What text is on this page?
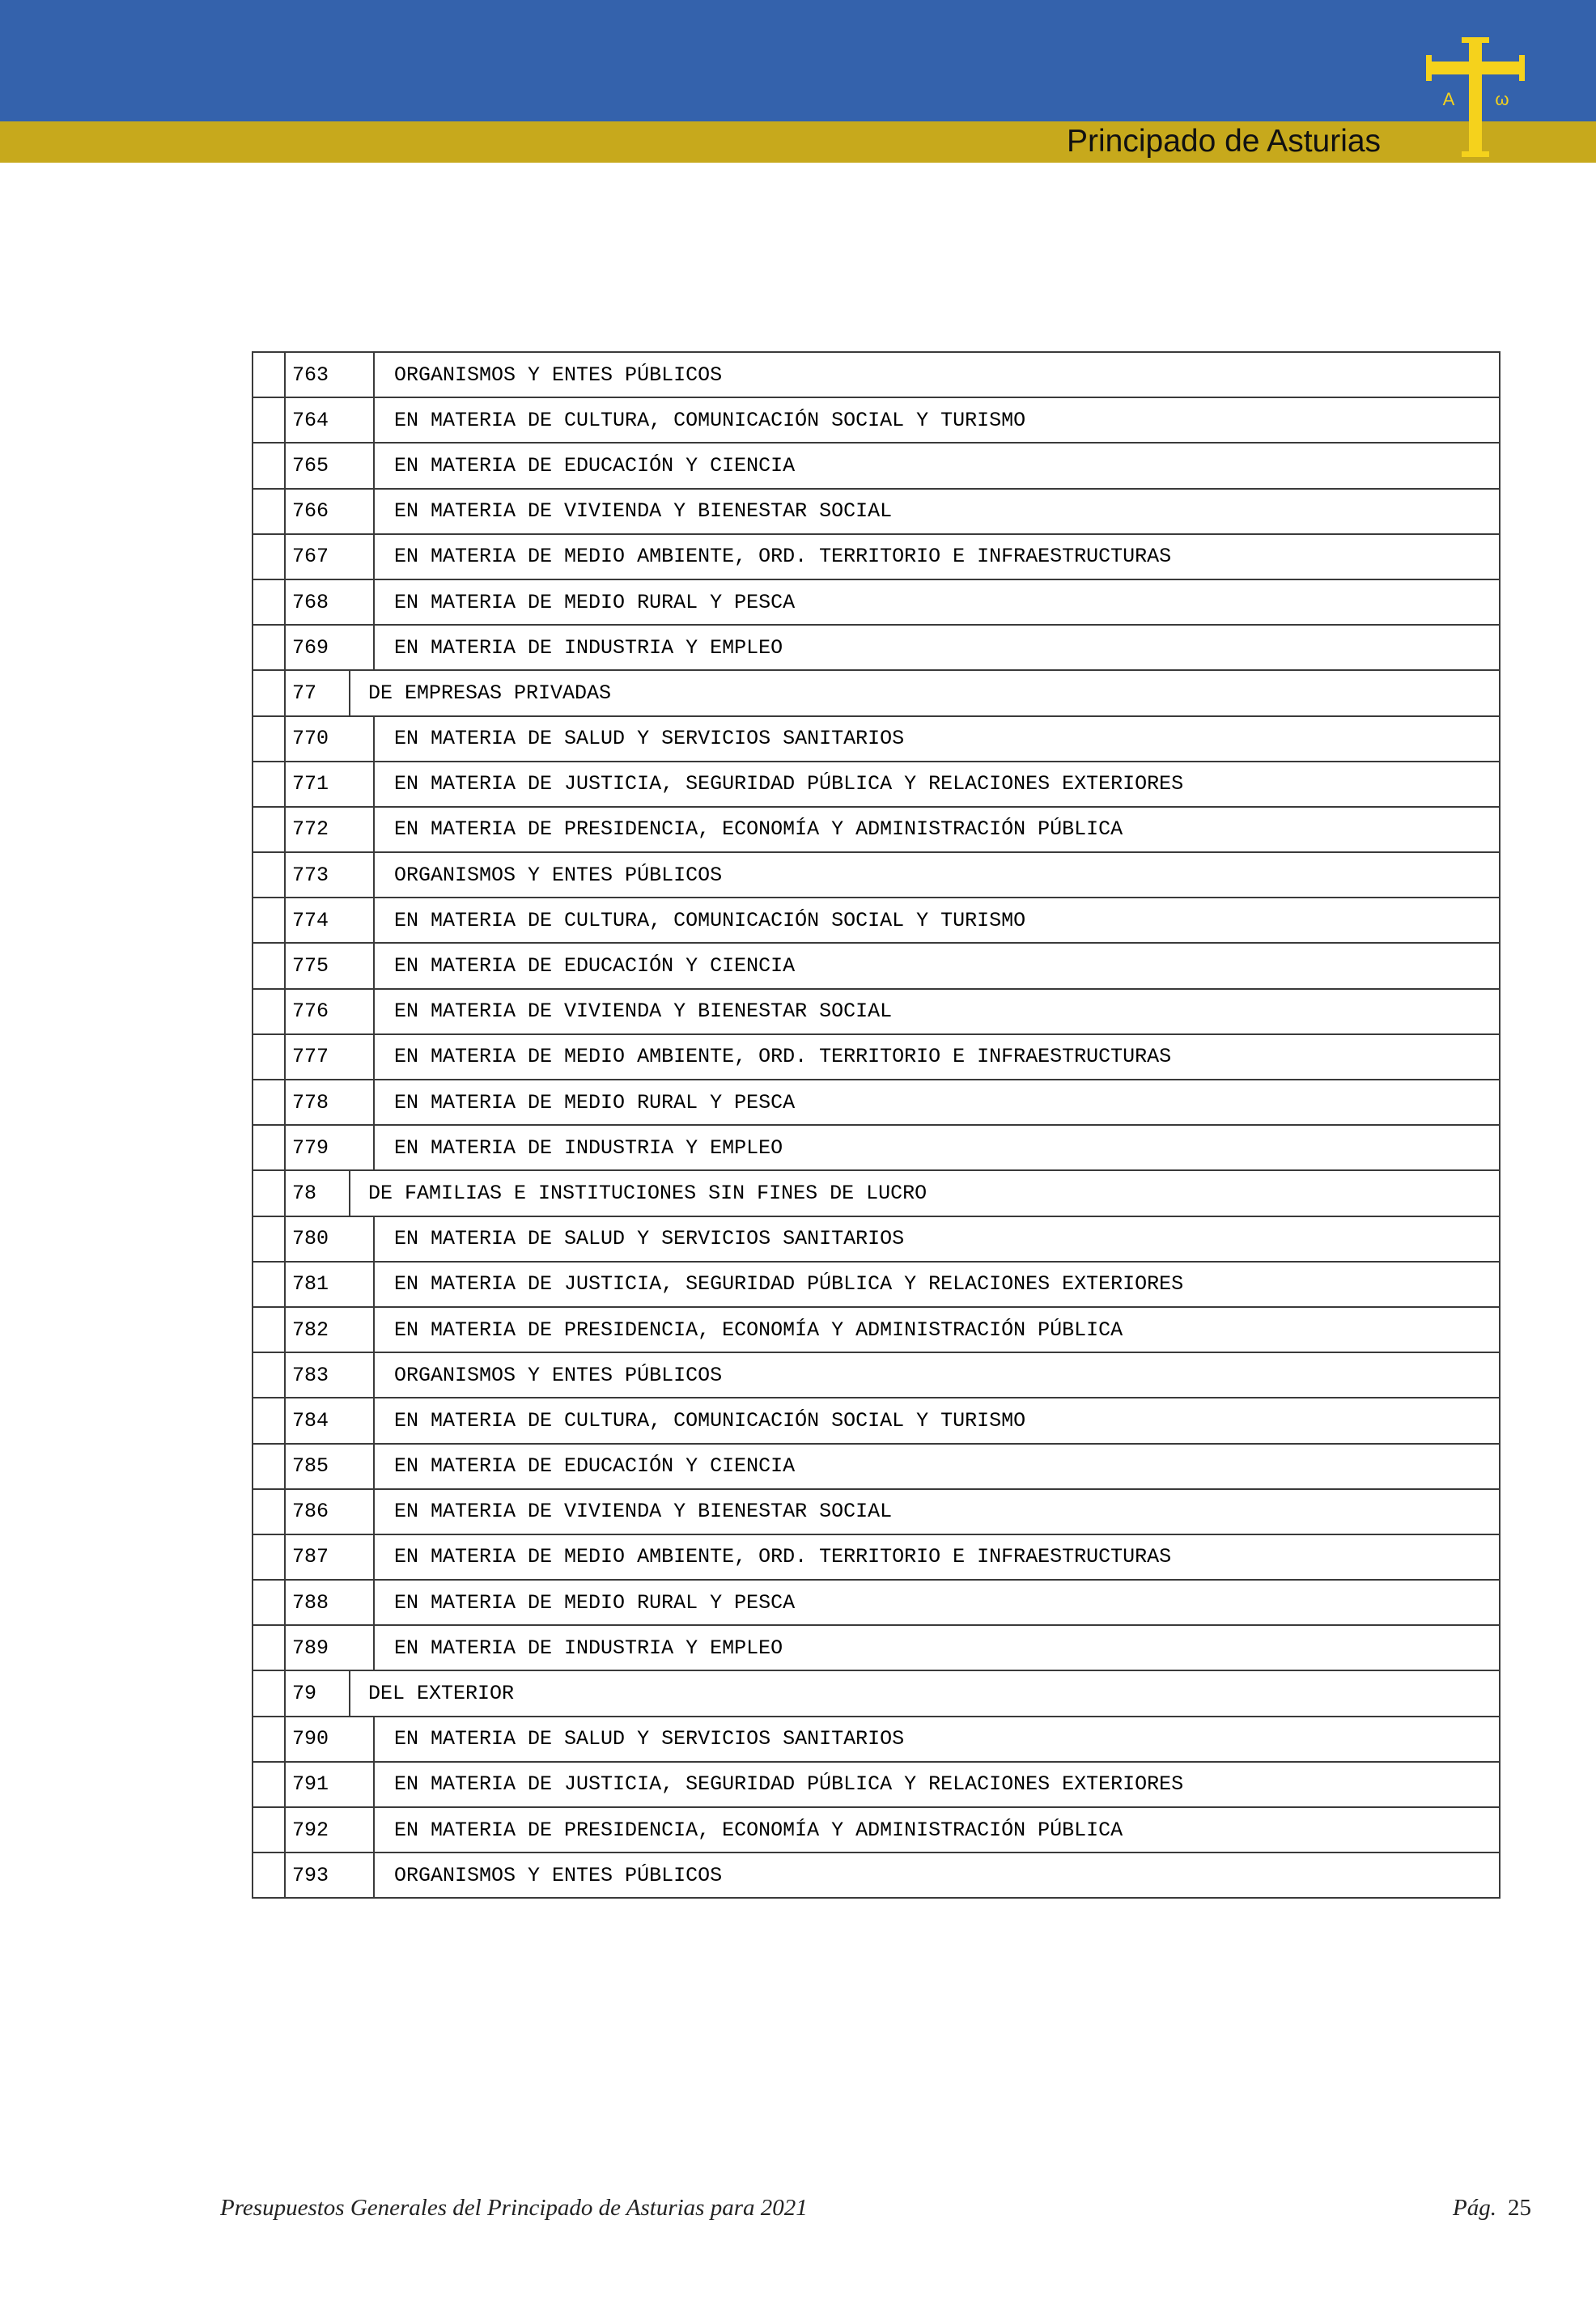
Principado de Asturias
A ω
	763		ORGANISMOS Y ENTES PÚBLICOS
	764		EN MATERIA DE CULTURA, COMUNICACIÓN SOCIAL Y TURISMO
	765		EN MATERIA DE EDUCACIÓN Y CIENCIA
	766		EN MATERIA DE VIVIENDA Y BIENESTAR SOCIAL
	767		EN MATERIA DE MEDIO AMBIENTE, ORD. TERRITORIO E INFRAESTRUCTURAS
	768		EN MATERIA DE MEDIO RURAL Y PESCA
	769		EN MATERIA DE INDUSTRIA Y EMPLEO
	77	DE EMPRESAS PRIVADAS	
	770		EN MATERIA DE SALUD Y SERVICIOS SANITARIOS
	771		EN MATERIA DE JUSTICIA, SEGURIDAD PÚBLICA Y RELACIONES EXTERIORES
	772		EN MATERIA DE PRESIDENCIA, ECONOMÍA Y ADMINISTRACIÓN PÚBLICA
	773		ORGANISMOS Y ENTES PÚBLICOS
	774		EN MATERIA DE CULTURA, COMUNICACIÓN SOCIAL Y TURISMO
	775		EN MATERIA DE EDUCACIÓN Y CIENCIA
	776		EN MATERIA DE VIVIENDA Y BIENESTAR SOCIAL
	777		EN MATERIA DE MEDIO AMBIENTE, ORD. TERRITORIO E INFRAESTRUCTURAS
	778		EN MATERIA DE MEDIO RURAL Y PESCA
	779		EN MATERIA DE INDUSTRIA Y EMPLEO
	78	DE FAMILIAS E INSTITUCIONES SIN FINES DE LUCRO	
	780		EN MATERIA DE SALUD Y SERVICIOS SANITARIOS
	781		EN MATERIA DE JUSTICIA, SEGURIDAD PÚBLICA Y RELACIONES EXTERIORES
	782		EN MATERIA DE PRESIDENCIA, ECONOMÍA Y ADMINISTRACIÓN PÚBLICA
	783		ORGANISMOS Y ENTES PÚBLICOS
	784		EN MATERIA DE CULTURA, COMUNICACIÓN SOCIAL Y TURISMO
	785		EN MATERIA DE EDUCACIÓN Y CIENCIA
	786		EN MATERIA DE VIVIENDA Y BIENESTAR SOCIAL
	787		EN MATERIA DE MEDIO AMBIENTE, ORD. TERRITORIO E INFRAESTRUCTURAS
	788		EN MATERIA DE MEDIO RURAL Y PESCA
	789		EN MATERIA DE INDUSTRIA Y EMPLEO
	79	DEL EXTERIOR	
	790		EN MATERIA DE SALUD Y SERVICIOS SANITARIOS
	791		EN MATERIA DE JUSTICIA, SEGURIDAD PÚBLICA Y RELACIONES EXTERIORES
	792		EN MATERIA DE PRESIDENCIA, ECONOMÍA Y ADMINISTRACIÓN PÚBLICA
	793		ORGANISMOS Y ENTES PÚBLICOS
Presupuestos Generales del Principado de Asturias para 2021	Pág. 25
